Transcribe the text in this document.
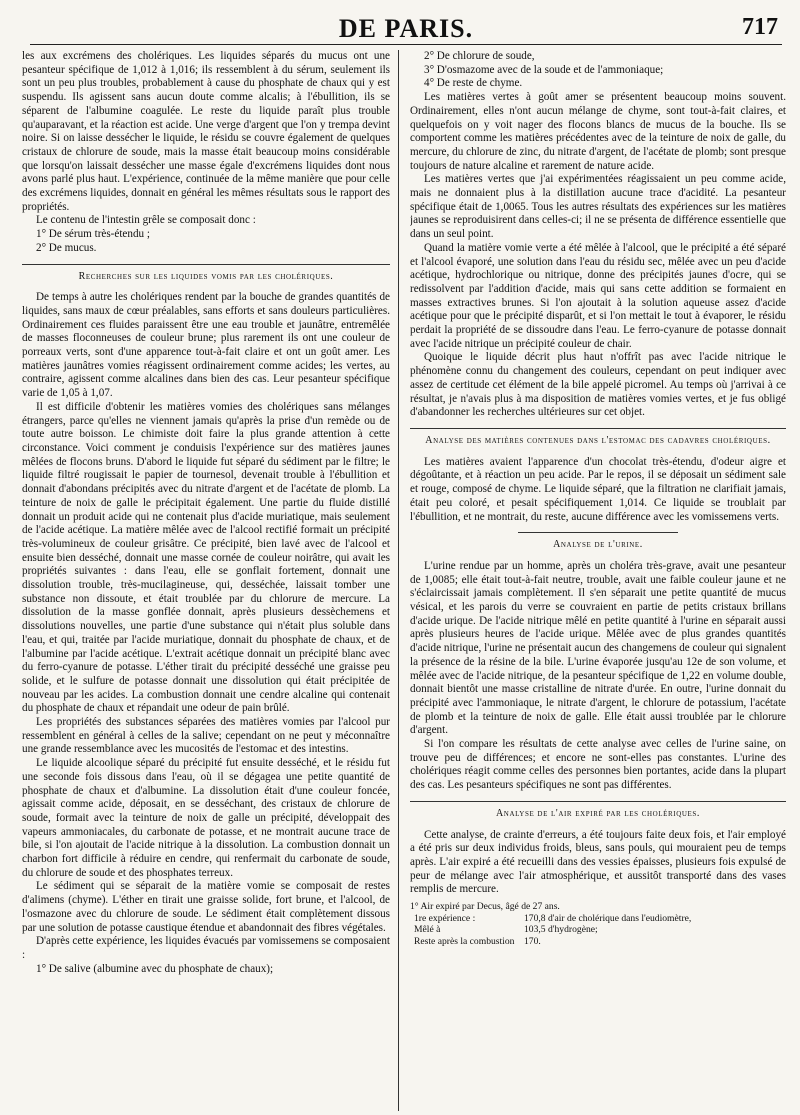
DE PARIS.	717

les aux excrémens des cholériques. Les liquides séparés du mucus ont une pesanteur spécifique de 1,012 à 1,016; ils ressemblent à du sérum, seulement ils sont un peu plus troubles, probablement à cause du phosphate de chaux qui y est suspendu. Ils agissent sans aucun doute comme alcalis; à l'ébullition, ils se séparent de l'albumine coagulée. Le reste du liquide paraît plus trouble qu'auparavant, et la réaction est acide. Une verge d'argent que l'on y trempa devint noire. Si on laisse dessécher le liquide, le résidu se couvre également de quelques cristaux de chlorure de soude, mais la masse était beaucoup moins considérable que lorsqu'on laissait dessécher une masse égale d'excrémens liquides dont nous avons parlé plus haut. L'expérience, continuée de la même manière que pour celle des excrémens liquides, donnait en général les mêmes résultats sous le rapport des propriétés.

Le contenu de l'intestin grêle se composait donc :

1° De sérum très-étendu ;

2° De mucus.

Recherches sur les liquides vomis par les cholériques.

De temps à autre les cholériques rendent par la bouche de grandes quantités de liquides, sans maux de cœur préalables, sans efforts et sans douleurs particulières. Ordinairement ces fluides paraissent être une eau trouble et jaunâtre, entremêlée de masses floconneuses de couleur brune; plus rarement ils ont une couleur de porreaux verts, sont d'une apparence tout-à-fait claire et ont un goût amer. Les matières jaunâtres vomies réagissent ordinairement comme acides; les vertes, au contraire, agissent comme alcalines dans bien des cas. Leur pesanteur spécifique varie de 1,05 à 1,07.

Il est difficile d'obtenir les matières vomies des cholériques sans mélanges étrangers, parce qu'elles ne viennent jamais qu'après la prise d'un remède ou de toute autre boisson. Le chimiste doit faire la plus grande attention à cette circonstance. Voici comment je conduisis l'expérience sur des matières jaunes mêlées de flocons bruns. D'abord le liquide fut séparé du sédiment par le filtre; le liquide filtré rougissait le papier de tournesol, devenait trouble à l'ébullition et donnait d'abondans précipités avec du nitrate d'argent et de l'acétate de plomb. La teinture de noix de galle le précipitait également. Une partie du fluide distillé donnait un produit acide qui ne contenait plus d'acide muriatique, mais seulement de l'acide acétique. La matière mêlée avec de l'alcool rectifié formait un précipité très-volumineux de couleur grisâtre. Ce précipité, bien lavé avec de l'alcool et ensuite bien desséché, donnait une masse cornée de couleur noirâtre, qui avait les propriétés suivantes : dans l'eau, elle se gonflait fortement, donnait une dissolution trouble, très-mucilagineuse, qui, desséchée, laissait tomber une substance non dissoute, et était troublée par du chlorure de mercure. La dissolution de la masse gonflée donnait, après plusieurs dessèchemens et dissolutions nouvelles, une partie d'une substance qui n'était plus soluble dans l'eau, et qui, traitée par l'acide muriatique, donnait du phosphate de chaux, et de l'albumine par l'acide acétique. L'extrait acétique donnait un précipité blanc avec du ferro-cyanure de potasse. L'éther tirait du précipité desséché une graisse peu solide, et le sulfure de potasse donnait une dissolution qui était précipitée de nouveau par les acides. La combustion donnait une cendre alcaline qui contenait du phosphate de chaux et répandait une odeur de pain brûlé.

Les propriétés des substances séparées des matières vomies par l'alcool pur ressemblent en général à celles de la salive; cependant on ne peut y méconnaître une grande ressemblance avec les mucosités de l'estomac et des intestins.

Le liquide alcoolique séparé du précipité fut ensuite desséché, et le résidu fut une seconde fois dissous dans l'eau, où il se dégagea une petite quantité de phosphate de chaux et d'albumine. La dissolution était d'une couleur foncée, agissait comme acide, déposait, en se desséchant, des cristaux de chlorure de soude, formait avec la teinture de noix de galle un précipité, développait des vapeurs ammoniacales, du carbonate de potasse, et ne montrait aucune trace de bile, si l'on ajoutait de l'acide nitrique à la dissolution. La combustion donnait un charbon fort difficile à réduire en cendre, qui renfermait du carbonate de soude, du chlorure de soude et des phosphates terreux.

Le sédiment qui se séparait de la matière vomie se composait de restes d'alimens (chyme). L'éther en tirait une graisse solide, fort brune, et l'alcool, de l'osmazone avec du chlorure de soude. Le sédiment était complètement dissous par une solution de potasse caustique étendue et abandonnait des fibres végétales.

D'après cette expérience, les liquides évacués par vomissemens se composaient :

1° De salive (albumine avec du phosphate de chaux);

2° De chlorure de soude,

3° D'osmazome avec de la soude et de l'ammoniaque;

4° De reste de chyme.

Les matières vertes à goût amer se présentent beaucoup moins souvent. Ordinairement, elles n'ont aucun mélange de chyme, sont tout-à-fait claires, et quelquefois on y voit nager des flocons blancs de mucus de la bouche. Ils se comportent comme les matières précédentes avec de la teinture de noix de galle, du mercure, du chlorure de zinc, du nitrate d'argent, de l'acétate de plomb; sont presque toujours de nature alcaline et rarement de nature acide.

Les matières vertes que j'ai expérimentées réagissaient un peu comme acide, mais ne donnaient plus à la distillation aucune trace d'acidité. La pesanteur spécifique était de 1,0065. Tous les autres résultats des expériences sur les matières jaunes se reproduisirent dans celles-ci; il ne se présenta de différence essentielle que dans un seul point.

Quand la matière vomie verte a été mêlée à l'alcool, que le précipité a été séparé et l'alcool évaporé, une solution dans l'eau du résidu sec, mêlée avec un peu d'acide acétique, hydrochlorique ou nitrique, donne des précipités jaunes d'ocre, qui se redissolvent par l'addition d'acide, mais qui sans cette addition se formaient en masses extractives brunes. Si l'on ajoutait à la solution aqueuse assez d'acide acétique pour que le précipité disparût, et si l'on mettait le tout à évaporer, le résidu perdait la propriété de se dissoudre dans l'eau. Le ferro-cyanure de potasse donnait avec l'acide nitrique un précipité couleur de chair.

Quoique le liquide décrit plus haut n'offrît pas avec l'acide nitrique le phénomène connu du changement des couleurs, cependant on peut indiquer avec assez de certitude cet élément de la bile appelé picromel. Au temps où j'arrivai à ce résultat, je n'avais plus à ma disposition de matières vomies vertes, et je fus obligé d'abandonner les recherches ultérieures sur cet objet.

Analyse des matières contenues dans l'estomac des cadavres cholériques.

Les matières avaient l'apparence d'un chocolat très-étendu, d'odeur aigre et dégoûtante, et à réaction un peu acide. Par le repos, il se déposait un sédiment sale et rouge, composé de chyme. Le liquide séparé, que la filtration ne clarifiait jamais, était peu coloré, et pesait spécifiquement 1,014. Ce liquide se troublait par l'ébullition, et ne montrait, du reste, aucune différence avec les vomissemens verts.

Analyse de l'urine.

L'urine rendue par un homme, après un choléra très-grave, avait une pesanteur de 1,0085; elle était tout-à-fait neutre, trouble, avait une faible couleur jaune et ne s'éclaircissait jamais complètement. Il s'en séparait une petite quantité de mucus vésical, et les parois du verre se couvraient en partie de petits cristaux brillans d'acide urique. De l'acide nitrique mêlé en petite quantité à l'urine en séparait aussi après plusieurs heures de l'acide urique. Mêlée avec de plus grandes quantités d'acide nitrique, l'urine ne présentait aucun des changemens de couleur qui signalent la présence de la résine de la bile. L'urine évaporée jusqu'au 12e de son volume, et mêlée avec de l'acide nitrique, de la pesanteur spécifique de 1,22 en volume double, donnait bientôt une masse cristalline de nitrate d'urée. En outre, l'urine donnait du précipité avec l'ammoniaque, le nitrate d'argent, le chlorure de potassium, l'acétate de plomb et la teinture de noix de galle. Elle était aussi troublée par le chlorure d'argent.

Si l'on compare les résultats de cette analyse avec celles de l'urine saine, on trouve peu de différences; et encore ne sont-elles pas constantes. L'urine des cholériques réagit comme celles des personnes bien portantes, acide dans la plupart des cas. Les pesanteurs spécifiques ne sont pas différentes.

Analyse de l'air expiré par les cholériques.

Cette analyse, de crainte d'erreurs, a été toujours faite deux fois, et l'air employé a été pris sur deux individus froids, bleus, sans pouls, qui mouraient peu de temps après. L'air expiré a été recueilli dans des vessies épaisses, plusieurs fois expulsé de peur de mélange avec l'air atmosphérique, et aussitôt transporté dans des vases remplis de mercure.

1° Air expiré par Decus, âgé de 27 ans.
1re expérience :	170,8 d'air de cholérique dans l'eudiomètre,
Mêlé à	103,5 d'hydrogène;
Reste après la combustion 170.
